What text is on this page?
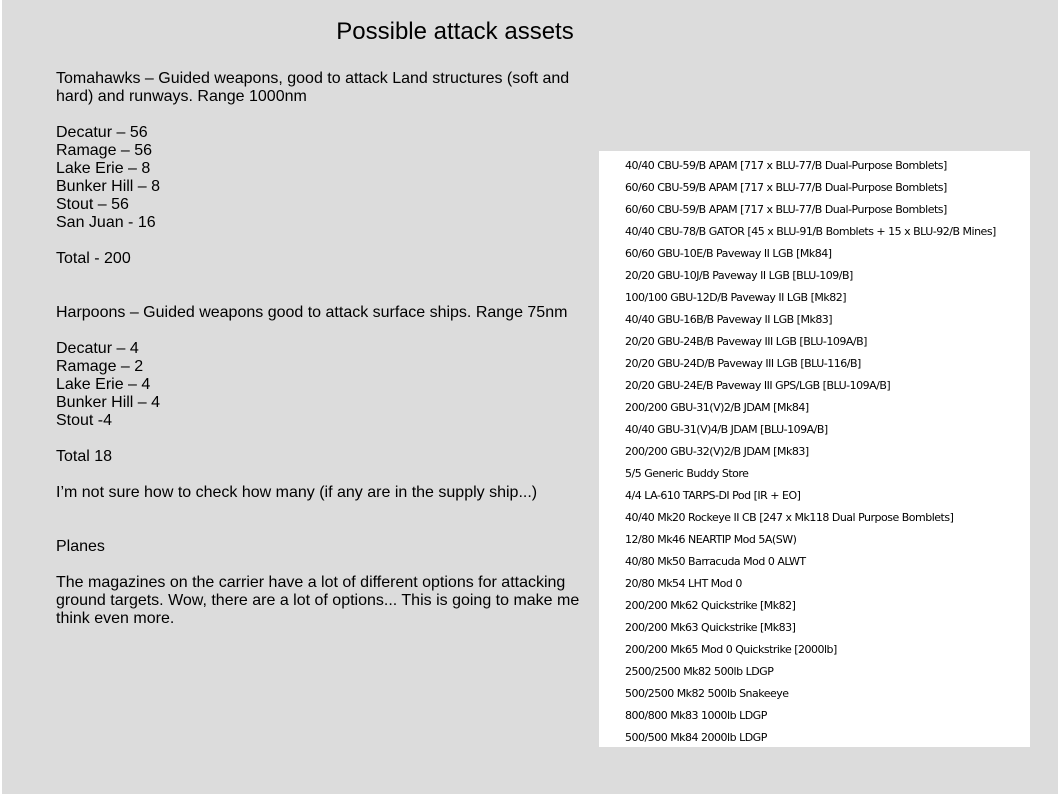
Possible attack assets

Tomahawks – Guided weapons, good to attack Land structures (soft and hard) and runways. Range 1000nm

Decatur – 56

Ramage – 56

Lake Erie – 8

Bunker Hill – 8

Stout – 56

San Juan - 16

Total - 200

Harpoons – Guided weapons good to attack surface ships. Range 75nm

Decatur – 4

Ramage – 2

Lake Erie – 4

Bunker Hill – 4

Stout -4

Total 18

I’m not sure how to check how many (if any are in the supply ship...)

Planes

The magazines on the carrier have a lot of different options for attacking ground targets. Wow, there are a lot of options... This is going to make me think even more.

40/40 CBU-59/B APAM [717 x BLU-77/B Dual-Purpose Bomblets]
60/60 CBU-59/B APAM [717 x BLU-77/B Dual-Purpose Bomblets]
60/60 CBU-59/B APAM [717 x BLU-77/B Dual-Purpose Bomblets]
40/40 CBU-78/B GATOR [45 x BLU-91/B Bomblets + 15 x BLU-92/B Mines]
60/60 GBU-10E/B Paveway II LGB [Mk84]
20/20 GBU-10J/B Paveway II LGB [BLU-109/B]
100/100 GBU-12D/B Paveway II LGB [Mk82]
40/40 GBU-16B/B Paveway II LGB [Mk83]
20/20 GBU-24B/B Paveway III LGB [BLU-109A/B]
20/20 GBU-24D/B Paveway III LGB [BLU-116/B]
20/20 GBU-24E/B Paveway III GPS/LGB [BLU-109A/B]
200/200 GBU-31(V)2/B JDAM [Mk84]
40/40 GBU-31(V)4/B JDAM [BLU-109A/B]
200/200 GBU-32(V)2/B JDAM [Mk83]
5/5 Generic Buddy Store
4/4 LA-610 TARPS-DI Pod [IR + EO]
40/40 Mk20 Rockeye II CB [247 x Mk118 Dual Purpose Bomblets]
12/80 Mk46 NEARTIP Mod 5A(SW)
40/80 Mk50 Barracuda Mod 0 ALWT
20/80 Mk54 LHT Mod 0
200/200 Mk62 Quickstrike [Mk82]
200/200 Mk63 Quickstrike [Mk83]
200/200 Mk65 Mod 0 Quickstrike [2000lb]
2500/2500 Mk82 500lb LDGP
500/2500 Mk82 500lb Snakeeye
800/800 Mk83 1000lb LDGP
500/500 Mk84 2000lb LDGP
